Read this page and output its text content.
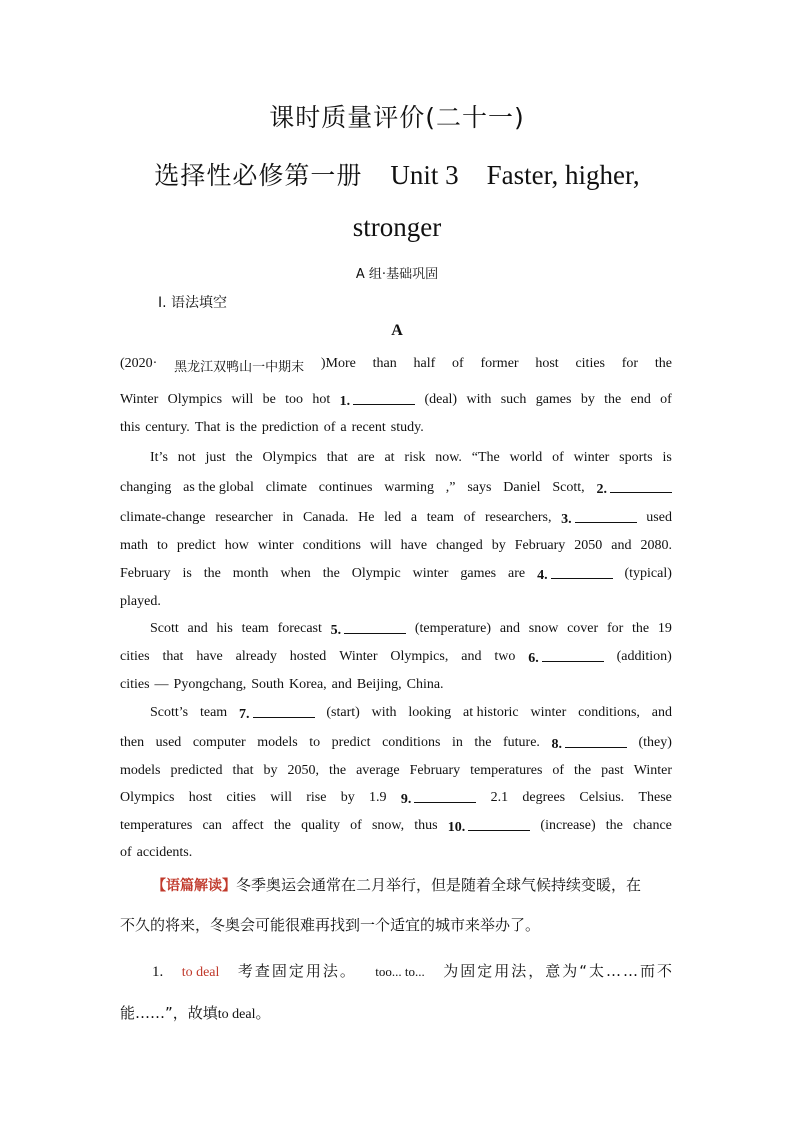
课时质量评价(二十一)
选择性必修第一册 Unit 3 Faster, higher,
stronger
A 组·基础巩固
Ⅰ. 语法填空
A
(2020· 黑龙江双鸭山一中期末 )More than half of former host cities for the
Winter Olympics will be too hot 1.	(deal) with such games by the end of
this century. That is the prediction of a recent study.
It’s not just the Olympics that are at risk now. “The world of winter sports is
changing as the global climate continues warming ,” says Daniel Scott, 2.
climate-change researcher in Canada. He led a team of researchers, 3.	used
math to predict how winter conditions will have changed by February 2050 and 2080.
February is the month when the Olympic winter games are 4.	(typical)
played.
Scott and his team forecast 5.	(temperature) and snow cover for the 19
cities that have already hosted Winter Olympics, and two 6.	(addition)
cities — Pyongchang, South Korea, and Beijing, China.
Scott’s team 7.	(start) with looking at historic winter conditions, and
then used computer models to predict conditions in the future. 8.	(they)
models predicted that by 2050, the average February temperatures of the past Winter
Olympics host cities will rise by 1.9 9.	2.1 degrees Celsius. These
temperatures can affect the quality of snow, thus 10.	(increase) the chance
of accidents.
【语篇解读】冬季奥运会通常在二月举行，但是随着全球气候持续变暖，在
不久的将来，冬奥会可能很难再找到一个适宜的城市来举办了。
1. to deal 考查固定用法。 too... to... 为固定用法，意为“太……而不
能……”，故填to deal。
